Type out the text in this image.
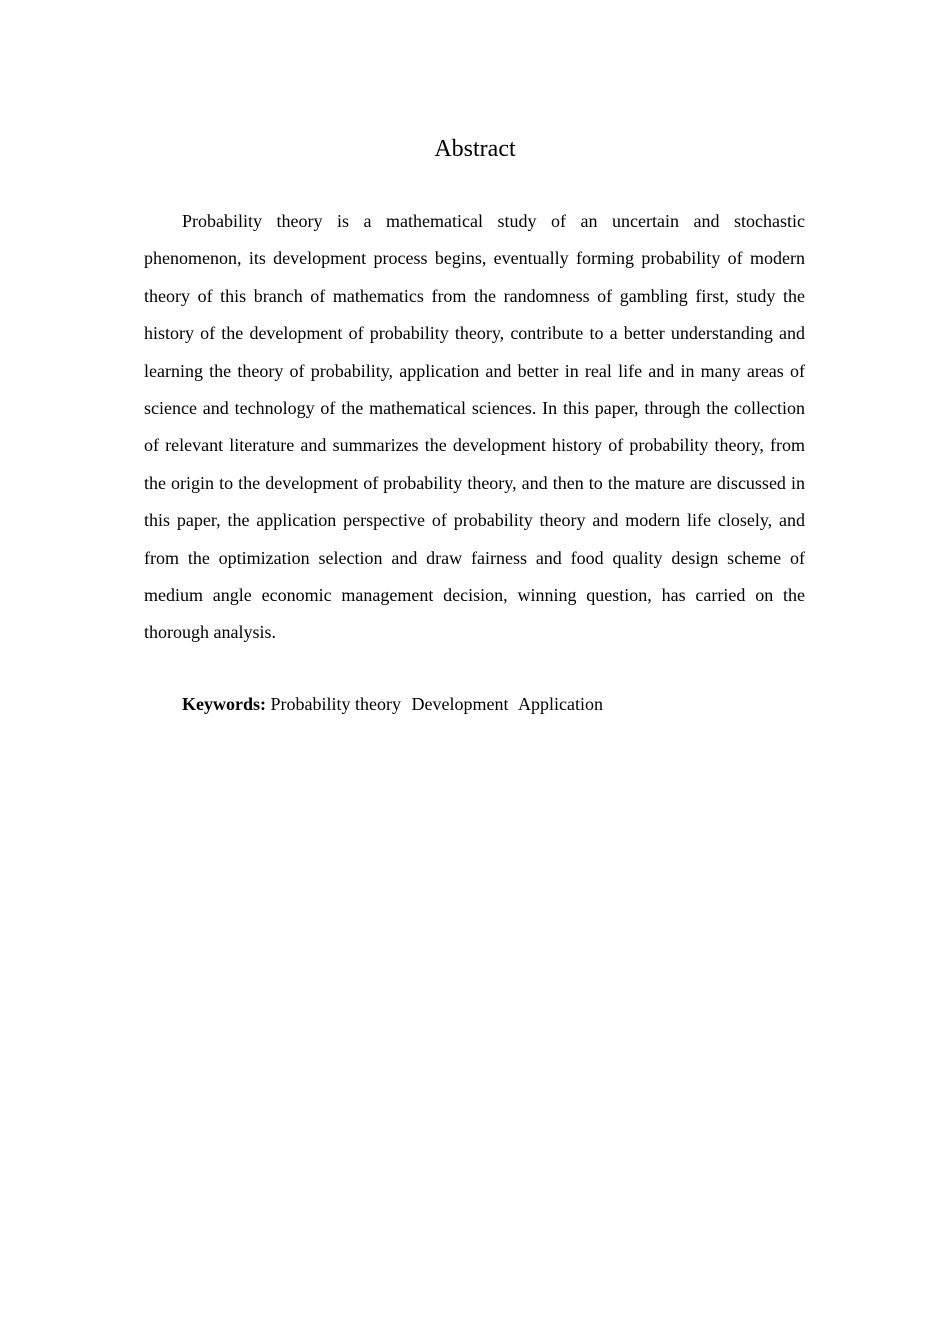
Abstract

Probability theory is a mathematical study of an uncertain and stochastic phenomenon, its development process begins, eventually forming probability of modern theory of this branch of mathematics from the randomness of gambling first, study the history of the development of probability theory, contribute to a better understanding and learning the theory of probability, application and better in real life and in many areas of science and technology of the mathematical sciences. In this paper, through the collection of relevant literature and summarizes the development history of probability theory, from the origin to the development of probability theory, and then to the mature are discussed in this paper, the application perspective of probability theory and modern life closely, and from the optimization selection and draw fairness and food quality design scheme of medium angle economic management decision, winning question, has carried on the thorough analysis.

Keywords: Probability theory Development Application
